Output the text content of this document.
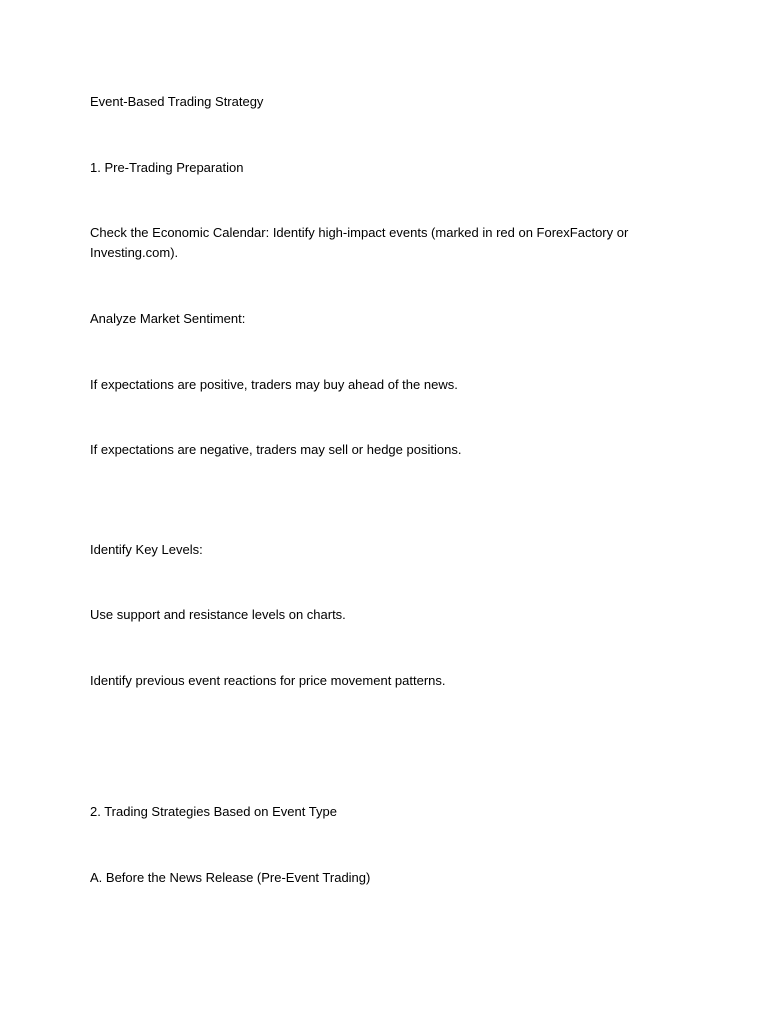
Event-Based Trading Strategy

1. Pre-Trading Preparation

Check the Economic Calendar: Identify high-impact events (marked in red on ForexFactory or Investing.com).

Analyze Market Sentiment:

If expectations are positive, traders may buy ahead of the news.

If expectations are negative, traders may sell or hedge positions.

Identify Key Levels:

Use support and resistance levels on charts.

Identify previous event reactions for price movement patterns.

2. Trading Strategies Based on Event Type

A. Before the News Release (Pre-Event Trading)
